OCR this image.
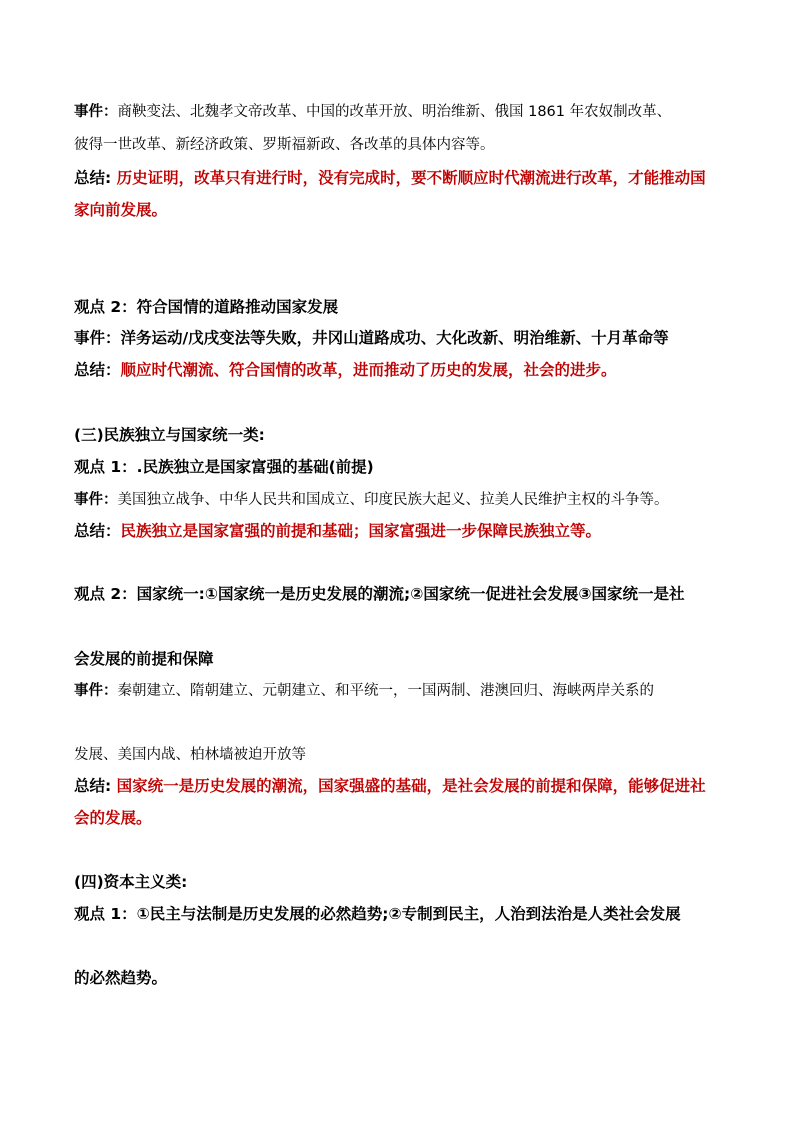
事件：商鞅变法、北魏孝文帝改革、中国的改革开放、明治维新、俄国 1861 年农奴制改革、
彼得一世改革、新经济政策、罗斯福新政、各改革的具体内容等。
总结: 历史证明，改革只有进行时，没有完成时，要不断顺应时代潮流进行改革，才能推动国
家向前发展。
观点 2：符合国情的道路推动国家发展
事件：洋务运动/戊戌变法等失败，井冈山道路成功、大化改新、明治维新、十月革命等
总结：顺应时代潮流、符合国情的改革，进而推动了历史的发展，社会的进步。
(三)民族独立与国家统一类:
观点 1：.民族独立是国家富强的基础(前提)
事件：美国独立战争、中华人民共和国成立、印度民族大起义、拉美人民维护主权的斗争等。
总结：民族独立是国家富强的前提和基础；国家富强进一步保障民族独立等。
观点 2：国家统一:①国家统一是历史发展的潮流;②国家统一促进社会发展③国家统一是社
会发展的前提和保障
事件：秦朝建立、隋朝建立、元朝建立、和平统一，一国两制、港澳回归、海峡两岸关系的
发展、美国内战、柏林墙被迫开放等
总结: 国家统一是历史发展的潮流，国家强盛的基础，是社会发展的前提和保障，能够促进社
会的发展。
(四)资本主义类:
观点 1：①民主与法制是历史发展的必然趋势;②专制到民主，人治到法治是人类社会发展
的必然趋势。
